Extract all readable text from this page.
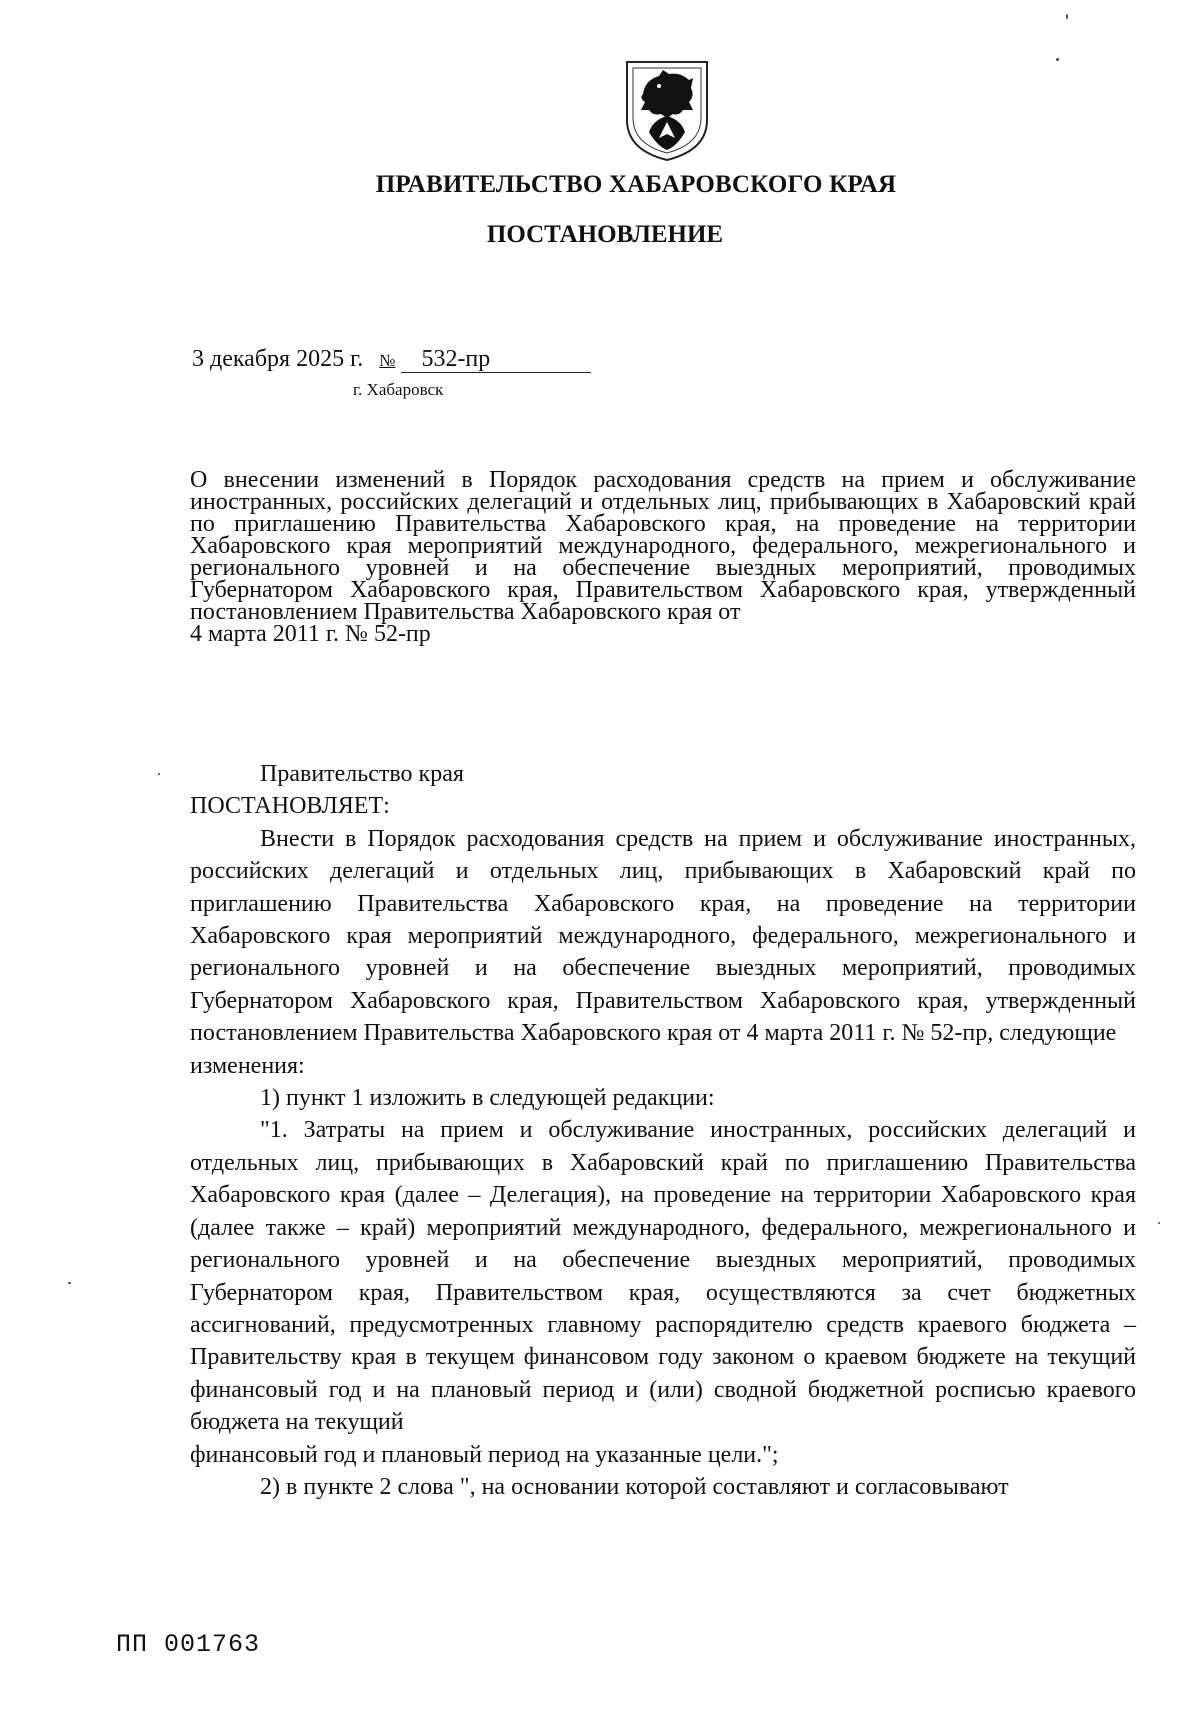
ПРАВИТЕЛЬСТВО ХАБАРОВСКОГО КРАЯ
ПОСТАНОВЛЕНИЕ
3 декабря 2025 г. № 532-пр
г. Хабаровск

О внесении изменений в Порядок расходования средств на прием и обслуживание иностранных, российских делегаций и отдельных лиц, прибывающих в Хабаровский край по приглашению Правительства Хабаровского края, на проведение на территории Хабаровского края мероприятий международного, федерального, межрегионального и регионального уровней и на обеспечение выездных мероприятий, проводимых Губернатором Хабаровского края, Правительством Хабаровского края, утвержденный постановлением Правительства Хабаровского края от

4 марта 2011 г. № 52-пр

Правительство края

ПОСТАНОВЛЯЕТ:

Внести в Порядок расходования средств на прием и обслуживание иностранных, российских делегаций и отдельных лиц, прибывающих в Хабаровский край по приглашению Правительства Хабаровского края, на проведение на территории Хабаровского края мероприятий международного, федерального, межрегионального и регионального уровней и на обеспечение выездных мероприятий, проводимых Губернатором Хабаровского края, Правительством Хабаровского края, утвержденный постановлением Правительства Хабаровского края от 4 марта 2011 г. № 52-пр, следующие

изменения:

1) пункт 1 изложить в следующей редакции:

"1. Затраты на прием и обслуживание иностранных, российских делегаций и отдельных лиц, прибывающих в Хабаровский край по приглашению Правительства Хабаровского края (далее – Делегация), на проведение на территории Хабаровского края (далее также – край) мероприятий международного, федерального, межрегионального и регионального уровней и на обеспечение выездных мероприятий, проводимых Губернатором края, Правительством края, осуществляются за счет бюджетных ассигнований, предусмотренных главному распорядителю средств краевого бюджета – Правительству края в текущем финансовом году законом о краевом бюджете на текущий финансовый год и на плановый период и (или) сводной бюджетной росписью краевого бюджета на текущий

финансовый год и плановый период на указанные цели.";

2) в пункте 2 слова ", на основании которой составляют и согласовывают

ПП 001763
